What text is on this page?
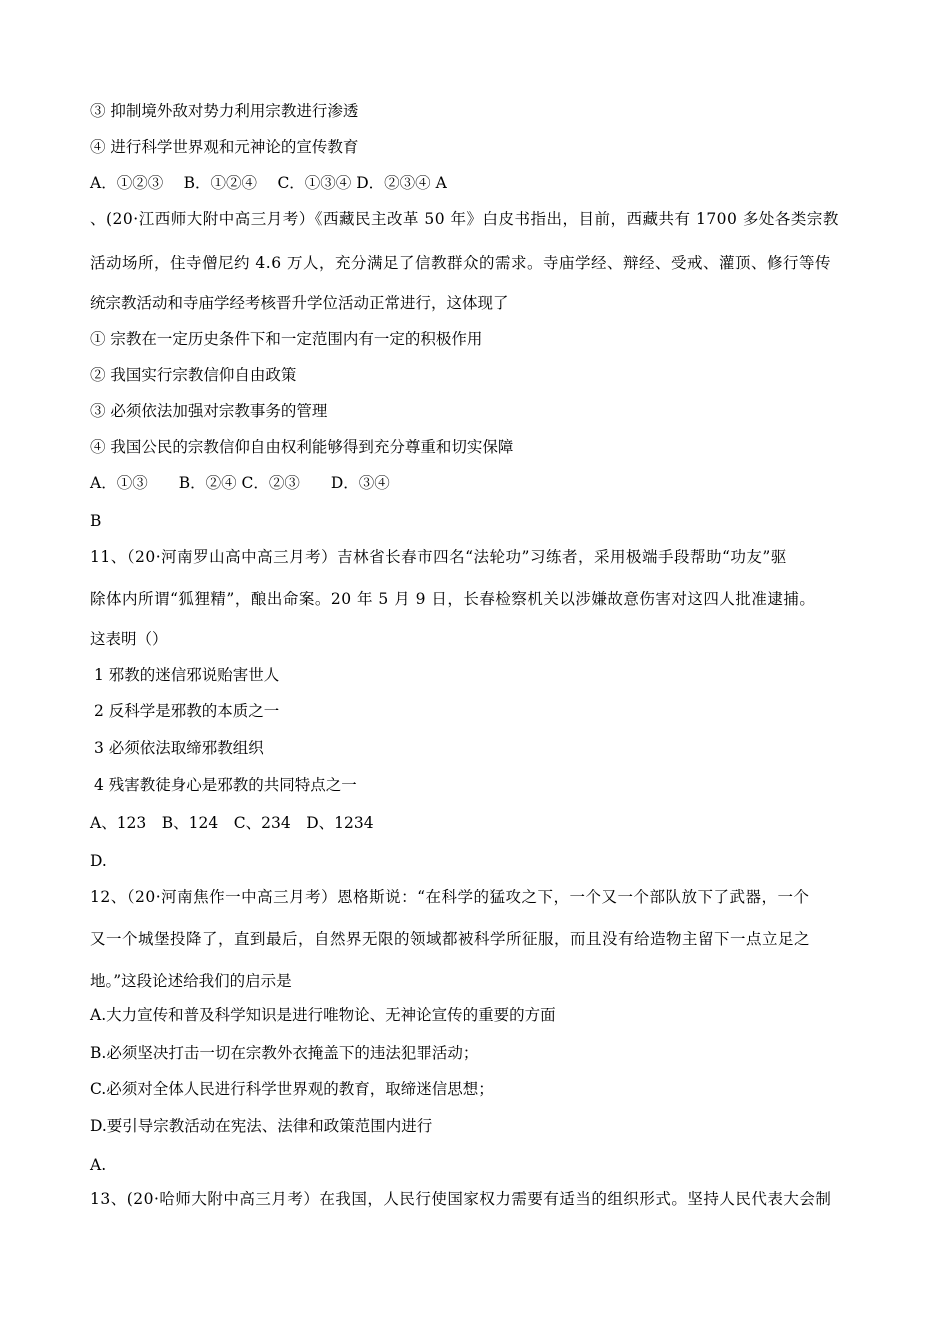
③ 抑制境外敌对势力利用宗教进行渗透
④ 进行科学世界观和元神论的宣传教育
A．①②③　 B．①②④　 C．①③④ D．②③④ A
、(20·江西师大附中高三月考）《西藏民主改革 50 年》白皮书指出，目前，西藏共有 1700 多处各类宗教
活动场所，住寺僧尼约 4.6 万人，充分满足了信教群众的需求。寺庙学经、辩经、受戒、灌顶、修行等传
统宗教活动和寺庙学经考核晋升学位活动正常进行，这体现了
① 宗教在一定历史条件下和一定范围内有一定的积极作用
② 我国实行宗教信仰自由政策
③ 必须依法加强对宗教事务的管理
④ 我国公民的宗教信仰自由权利能够得到充分尊重和切实保障
A．①③　　B．②④ C．②③　　D．③④
B
11、（20·河南罗山高中高三月考）吉林省长春市四名“法轮功”习练者，采用极端手段帮助“功友”驱
除体内所谓“狐狸精”，酿出命案。20 年 5 月 9 日，长春检察机关以涉嫌故意伤害对这四人批准逮捕。
这表明（）
1 邪教的迷信邪说贻害世人
2 反科学是邪教的本质之一
3 必须依法取缔邪教组织
4 残害教徒身心是邪教的共同特点之一
A、123　B、124　C、234　D、1234
D.
12、（20·河南焦作一中高三月考）恩格斯说：“在科学的猛攻之下，一个又一个部队放下了武器，一个
又一个城堡投降了，直到最后，自然界无限的领域都被科学所征服，而且没有给造物主留下一点立足之
地。”这段论述给我们的启示是
A.大力宣传和普及科学知识是进行唯物论、无神论宣传的重要的方面
B.必须坚决打击一切在宗教外衣掩盖下的违法犯罪活动；
C.必须对全体人民进行科学世界观的教育，取缔迷信思想；
D.要引导宗教活动在宪法、法律和政策范围内进行
A.
13、(20·哈师大附中高三月考）在我国，人民行使国家权力需要有适当的组织形式。坚持人民代表大会制
